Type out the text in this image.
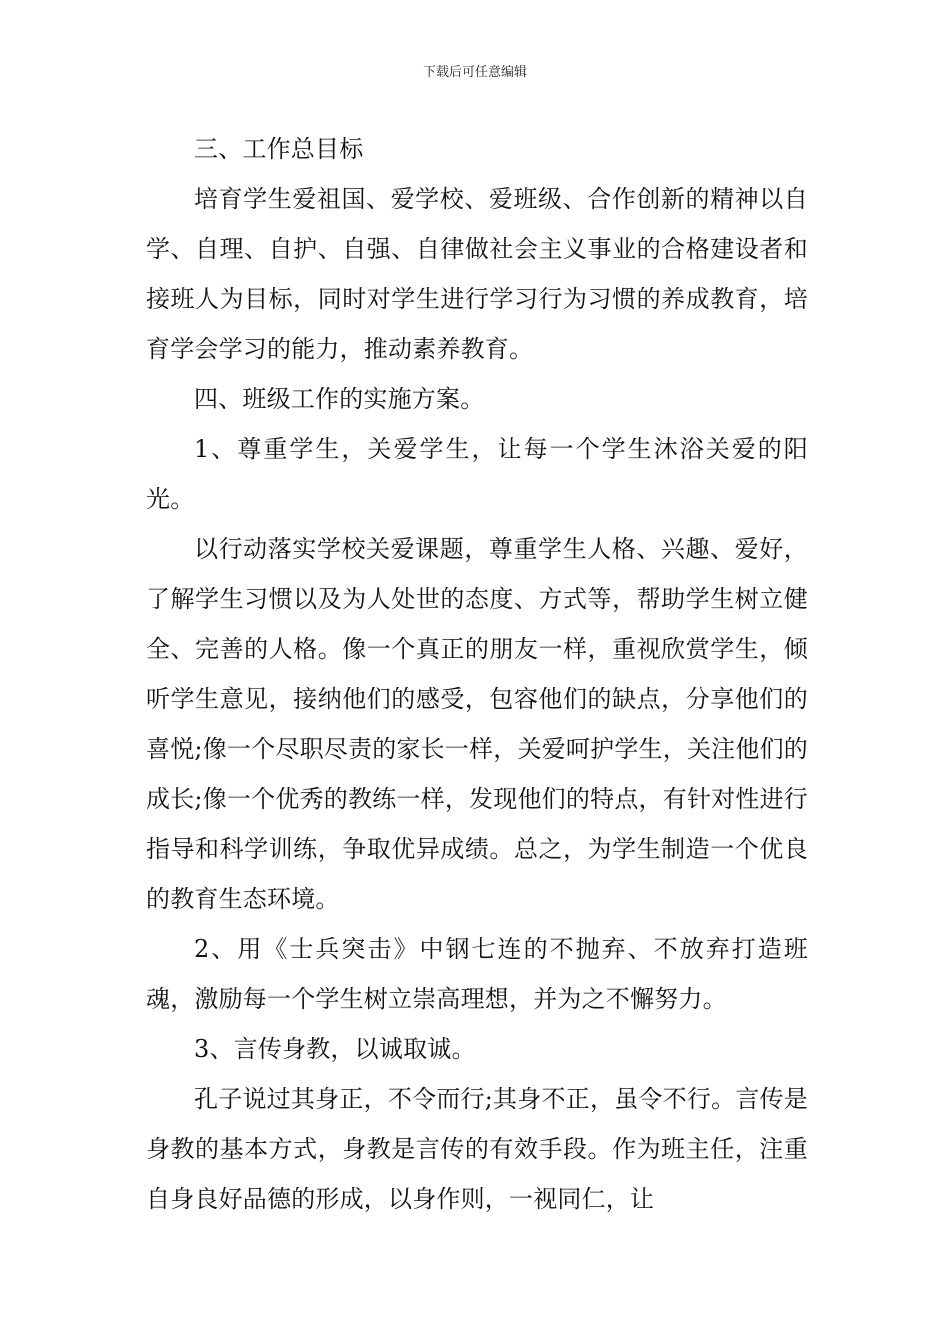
下载后可任意编辑

三、工作总目标

培育学生爱祖国、爱学校、爱班级、合作创新的精神以自学、自理、自护、自强、自律做社会主义事业的合格建设者和接班人为目标，同时对学生进行学习行为习惯的养成教育，培育学会学习的能力，推动素养教育。

四、班级工作的实施方案。

1、尊重学生，关爱学生，让每一个学生沐浴关爱的阳光。

以行动落实学校关爱课题，尊重学生人格、兴趣、爱好，了解学生习惯以及为人处世的态度、方式等，帮助学生树立健全、完善的人格。像一个真正的朋友一样，重视欣赏学生，倾听学生意见，接纳他们的感受，包容他们的缺点，分享他们的喜悦;像一个尽职尽责的家长一样，关爱呵护学生，关注他们的成长;像一个优秀的教练一样，发现他们的特点，有针对性进行指导和科学训练，争取优异成绩。总之，为学生制造一个优良的教育生态环境。

2、用《士兵突击》中钢七连的不抛弃、不放弃打造班魂，激励每一个学生树立崇高理想，并为之不懈努力。

3、言传身教，以诚取诚。

孔子说过其身正，不令而行;其身不正，虽令不行。言传是身教的基本方式，身教是言传的有效手段。作为班主任，注重自身良好品德的形成，以身作则，一视同仁，让
